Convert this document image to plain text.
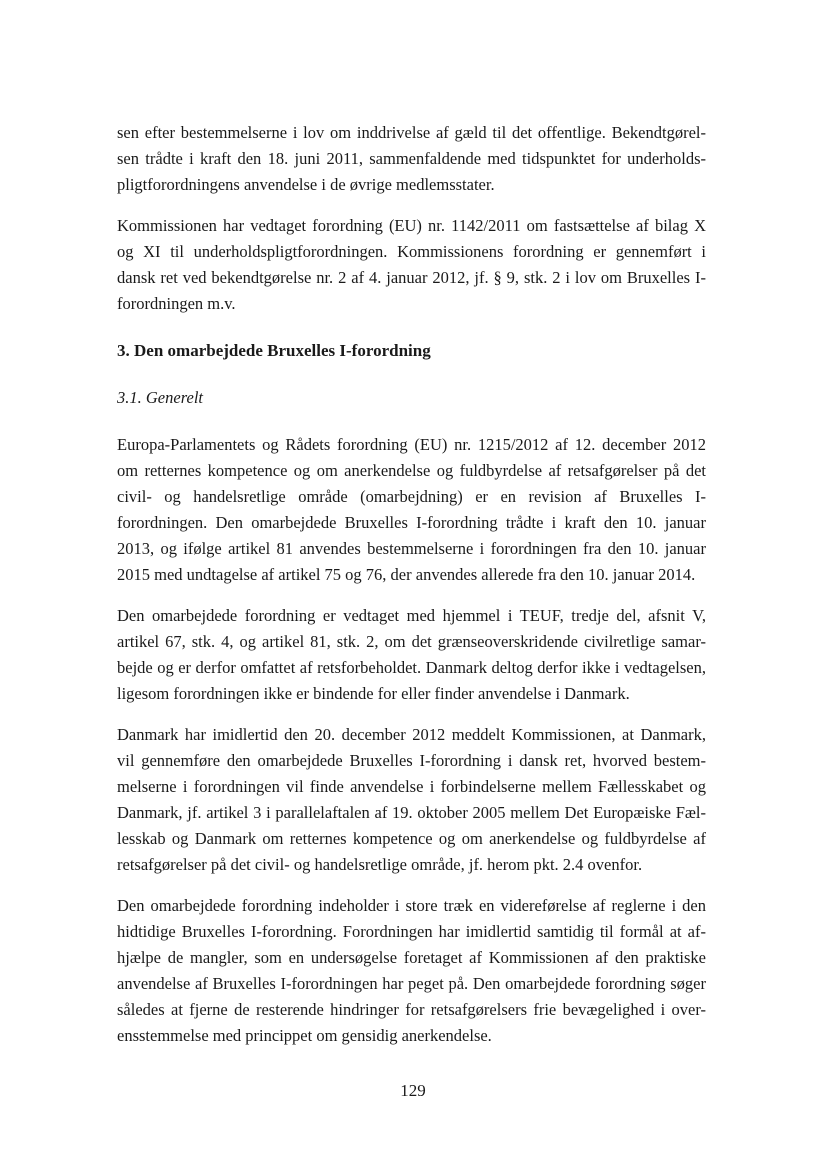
sen efter bestemmelserne i lov om inddrivelse af gæld til det offentlige. Bekendtgørel-
sen trådte i kraft den 18. juni 2011, sammenfaldende med tidspunktet for underholds-
pligtforordningens anvendelse i de øvrige medlemsstater.
Kommissionen har vedtaget forordning (EU) nr. 1142/2011 om fastsættelse af bilag X
og XI til underholdspligtforordningen. Kommissionens forordning er gennemført i
dansk ret ved bekendtgørelse nr. 2 af 4. januar 2012, jf. § 9, stk. 2 i lov om Bruxelles I-
forordningen m.v.
3. Den omarbejdede Bruxelles I-forordning
3.1. Generelt
Europa-Parlamentets og Rådets forordning (EU) nr. 1215/2012 af 12. december 2012
om retternes kompetence og om anerkendelse og fuldbyrdelse af retsafgørelser på det
civil- og handelsretlige område (omarbejdning) er en revision af Bruxelles I-
forordningen. Den omarbejdede Bruxelles I-forordning trådte i kraft den 10. januar
2013, og ifølge artikel 81 anvendes bestemmelserne i forordningen fra den 10. januar
2015 med undtagelse af artikel 75 og 76, der anvendes allerede fra den 10. januar 2014.
Den omarbejdede forordning er vedtaget med hjemmel i TEUF, tredje del, afsnit V,
artikel 67, stk. 4, og artikel 81, stk. 2, om det grænseoverskridende civilretlige samar-
bejde og er derfor omfattet af retsforbeholdet. Danmark deltog derfor ikke i vedtagelsen,
ligesom forordningen ikke er bindende for eller finder anvendelse i Danmark.
Danmark har imidlertid den 20. december 2012 meddelt Kommissionen, at Danmark,
vil gennemføre den omarbejdede Bruxelles I-forordning i dansk ret, hvorved bestem-
melserne i forordningen vil finde anvendelse i forbindelserne mellem Fællesskabet og
Danmark, jf. artikel 3 i parallelaftalen af 19. oktober 2005 mellem Det Europæiske Fæl-
lesskab og Danmark om retternes kompetence og om anerkendelse og fuldbyrdelse af
retsafgørelser på det civil- og handelsretlige område, jf. herom pkt. 2.4 ovenfor.
Den omarbejdede forordning indeholder i store træk en videreførelse af reglerne i den
hidtidige Bruxelles I-forordning. Forordningen har imidlertid samtidig til formål at af-
hjælpe de mangler, som en undersøgelse foretaget af Kommissionen af den praktiske
anvendelse af Bruxelles I-forordningen har peget på. Den omarbejdede forordning søger
således at fjerne de resterende hindringer for retsafgørelsers frie bevægelighed i over-
ensstemmelse med princippet om gensidig anerkendelse.
129
